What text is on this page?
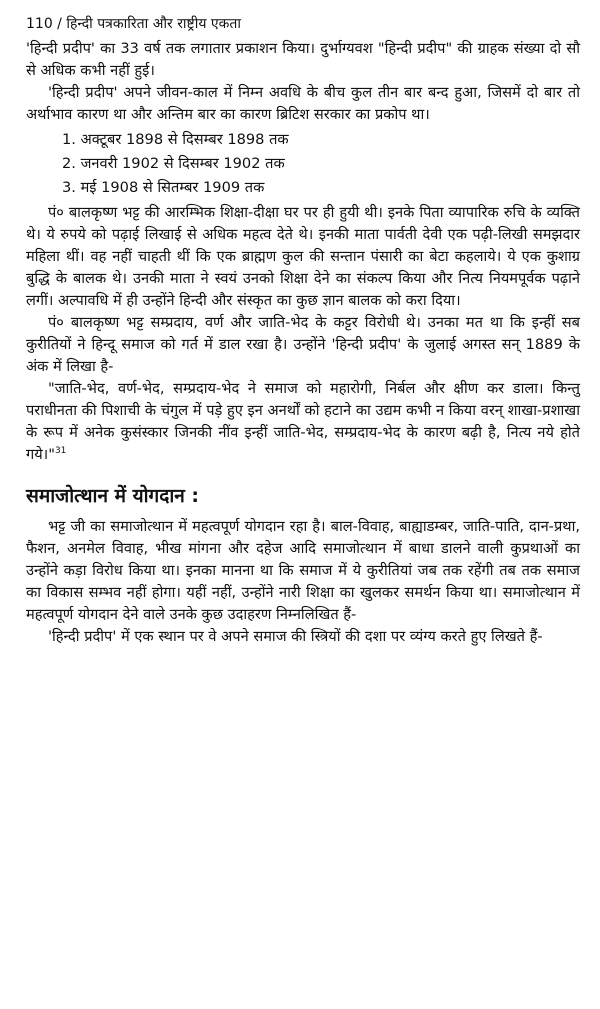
110 / हिन्दी पत्रकारिता और राष्ट्रीय एकता

'हिन्दी प्रदीप' का 33 वर्ष तक लगातार प्रकाशन किया। दुर्भाग्यवश "हिन्दी प्रदीप" की ग्राहक संख्या दो सौ से अधिक कभी नहीं हुई।

'हिन्दी प्रदीप' अपने जीवन-काल में निम्न अवधि के बीच कुल तीन बार बन्द हुआ, जिसमें दो बार तो अर्थाभाव कारण था और अन्तिम बार का कारण ब्रिटिश सरकार का प्रकोप था।

1. अक्टूबर 1898 से दिसम्बर 1898 तक
2. जनवरी 1902 से दिसम्बर 1902 तक
3. मई 1908 से सितम्बर 1909 तक

पं० बालकृष्ण भट्ट की आरम्भिक शिक्षा-दीक्षा घर पर ही हुयी थी। इनके पिता व्यापारिक रुचि के व्यक्ति थे। ये रुपये को पढ़ाई लिखाई से अधिक महत्व देते थे। इनकी माता पार्वती देवी एक पढ़ी-लिखी समझदार महिला थीं। वह नहीं चाहती थीं कि एक ब्राह्मण कुल की सन्तान पंसारी का बेटा कहलाये। ये एक कुशाग्र बुद्धि के बालक थे। उनकी माता ने स्वयं उनको शिक्षा देने का संकल्प किया और नित्य नियमपूर्वक पढ़ाने लगीं। अल्पावधि में ही उन्होंने हिन्दी और संस्कृत का कुछ ज्ञान बालक को करा दिया।

पं० बालकृष्ण भट्ट सम्प्रदाय, वर्ण और जाति-भेद के कट्टर विरोधी थे। उनका मत था कि इन्हीं सब कुरीतियों ने हिन्दू समाज को गर्त में डाल रखा है। उन्होंने 'हिन्दी प्रदीप' के जुलाई अगस्त सन् 1889 के अंक में लिखा है-

"जाति-भेद, वर्ण-भेद, सम्प्रदाय-भेद ने समाज को महारोगी, निर्बल और क्षीण कर डाला। किन्तु पराधीनता की पिशाची के चंगुल में पड़े हुए इन अनर्थों को हटाने का उद्यम कभी न किया वरन् शाखा-प्रशाखा के रूप में अनेक कुसंस्कार जिनकी नींव इन्हीं जाति-भेद, सम्प्रदाय-भेद के कारण बढ़ी है, नित्य नये होते गये।"$^{31}$

समाजोत्थान में योगदान :

भट्ट जी का समाजोत्थान में महत्वपूर्ण योगदान रहा है। बाल-विवाह, बाह्याडम्बर, जाति-पाति, दान-प्रथा, फैशन, अनमेल विवाह, भीख मांगना और दहेज आदि समाजोत्थान में बाधा डालने वाली कुप्रथाओं का उन्होंने कड़ा विरोध किया था। इनका मानना था कि समाज में ये कुरीतियां जब तक रहेंगी तब तक समाज का विकास सम्भव नहीं होगा। यहीं नहीं, उन्होंने नारी शिक्षा का खुलकर समर्थन किया था। समाजोत्थान में महत्वपूर्ण योगदान देने वाले उनके कुछ उदाहरण निम्नलिखित हैं-

'हिन्दी प्रदीप' में एक स्थान पर वे अपने समाज की स्त्रियों की दशा पर व्यंग्य करते हुए लिखते हैं-
